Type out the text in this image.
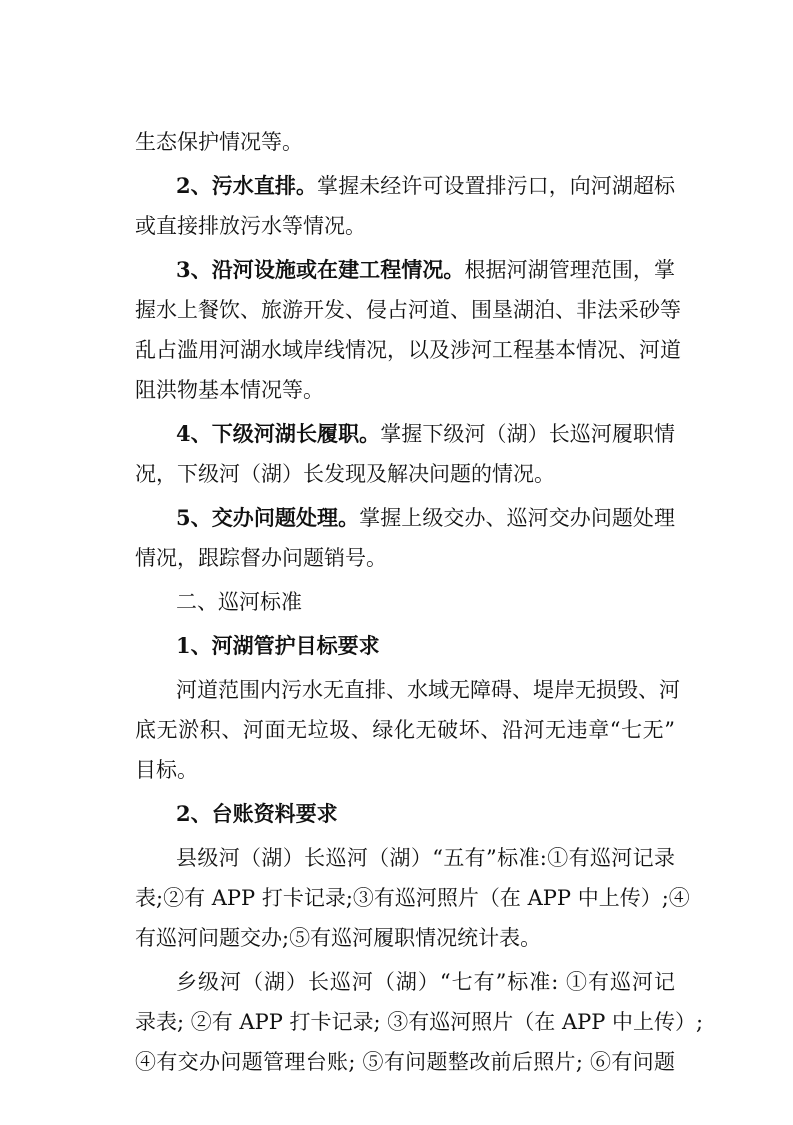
生态保护情况等。
2、污水直排。掌握未经许可设置排污口，向河湖超标
或直接排放污水等情况。
3、沿河设施或在建工程情况。根据河湖管理范围，掌
握水上餐饮、旅游开发、侵占河道、围垦湖泊、非法采砂等
乱占滥用河湖水域岸线情况，以及涉河工程基本情况、河道
阻洪物基本情况等。
4、下级河湖长履职。掌握下级河（湖）长巡河履职情
况，下级河（湖）长发现及解决问题的情况。
5、交办问题处理。掌握上级交办、巡河交办问题处理
情况，跟踪督办问题销号。
二、巡河标准
1、河湖管护目标要求
河道范围内污水无直排、水域无障碍、堤岸无损毁、河
底无淤积、河面无垃圾、绿化无破坏、沿河无违章“七无”
目标。
2、台账资料要求
县级河（湖）长巡河（湖）“五有”标准:①有巡河记录
表;②有 APP 打卡记录;③有巡河照片（在 APP 中上传）;④
有巡河问题交办;⑤有巡河履职情况统计表。
乡级河（湖）长巡河（湖）“七有”标准: ①有巡河记
录表; ②有 APP 打卡记录; ③有巡河照片（在 APP 中上传）;
④有交办问题管理台账; ⑤有问题整改前后照片; ⑥有问题
